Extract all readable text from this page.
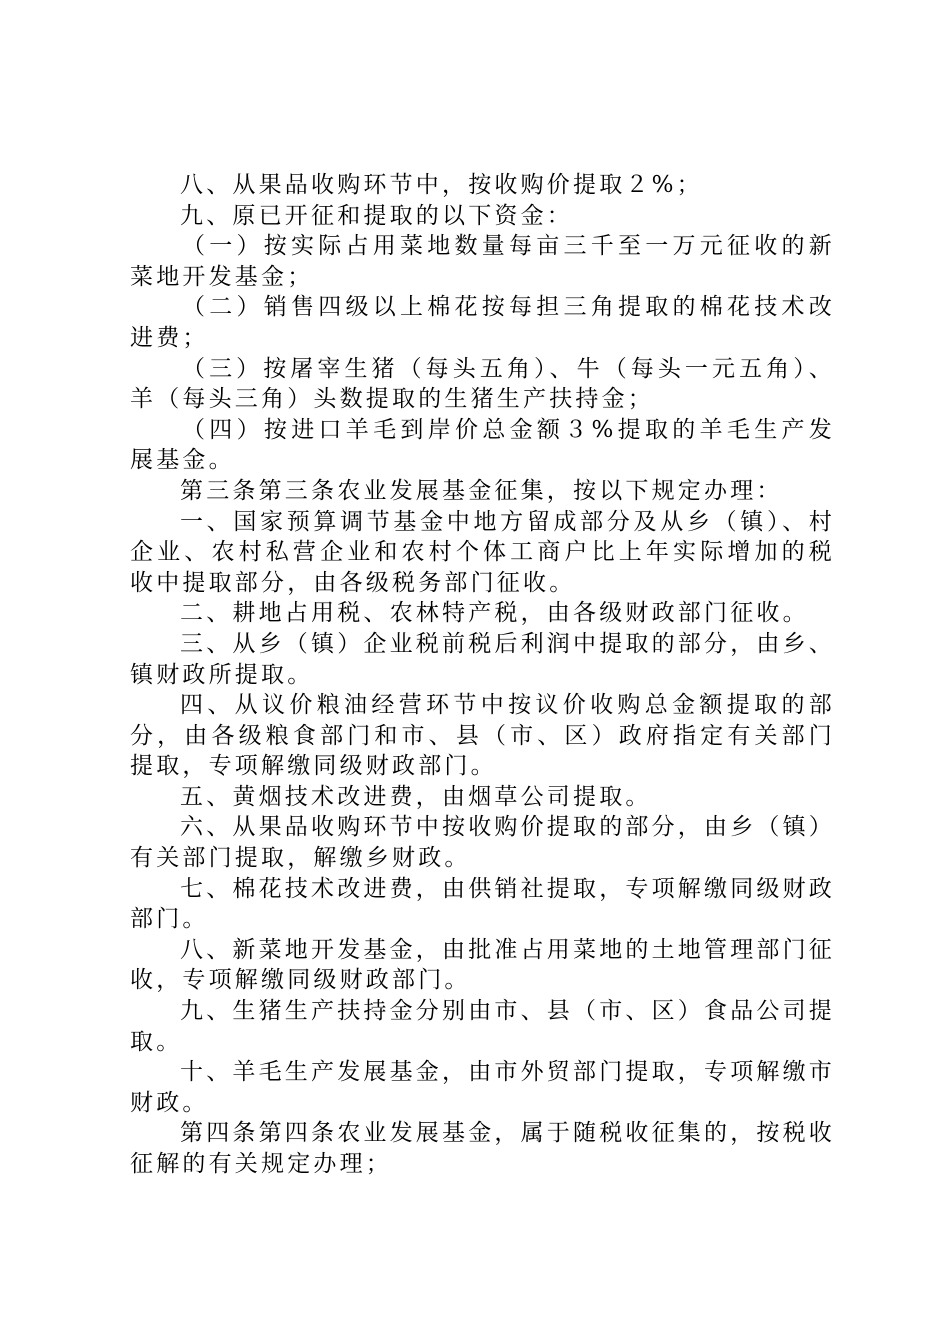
八、从果品收购环节中，按收购价提取２%；

九、原已开征和提取的以下资金：

（一）按实际占用菜地数量每亩三千至一万元征收的新菜地开发基金；

（二）销售四级以上棉花按每担三角提取的棉花技术改进费；

（三）按屠宰生猪（每头五角）、牛（每头一元五角）、羊（每头三角）头数提取的生猪生产扶持金；

（四）按进口羊毛到岸价总金额３%提取的羊毛生产发展基金。

第三条第三条农业发展基金征集，按以下规定办理：

一、国家预算调节基金中地方留成部分及从乡（镇）、村企业、农村私营企业和农村个体工商户比上年实际增加的税收中提取部分，由各级税务部门征收。

二、耕地占用税、农林特产税，由各级财政部门征收。

三、从乡（镇）企业税前税后利润中提取的部分，由乡、镇财政所提取。

四、从议价粮油经营环节中按议价收购总金额提取的部分，由各级粮食部门和市、县（市、区）政府指定有关部门提取，专项解缴同级财政部门。

五、黄烟技术改进费，由烟草公司提取。

六、从果品收购环节中按收购价提取的部分，由乡（镇）有关部门提取，解缴乡财政。

七、棉花技术改进费，由供销社提取，专项解缴同级财政部门。

八、新菜地开发基金，由批准占用菜地的土地管理部门征收，专项解缴同级财政部门。

九、生猪生产扶持金分别由市、县（市、区）食品公司提取。

十、羊毛生产发展基金，由市外贸部门提取，专项解缴市财政。

第四条第四条农业发展基金，属于随税收征集的，按税收征解的有关规定办理；
